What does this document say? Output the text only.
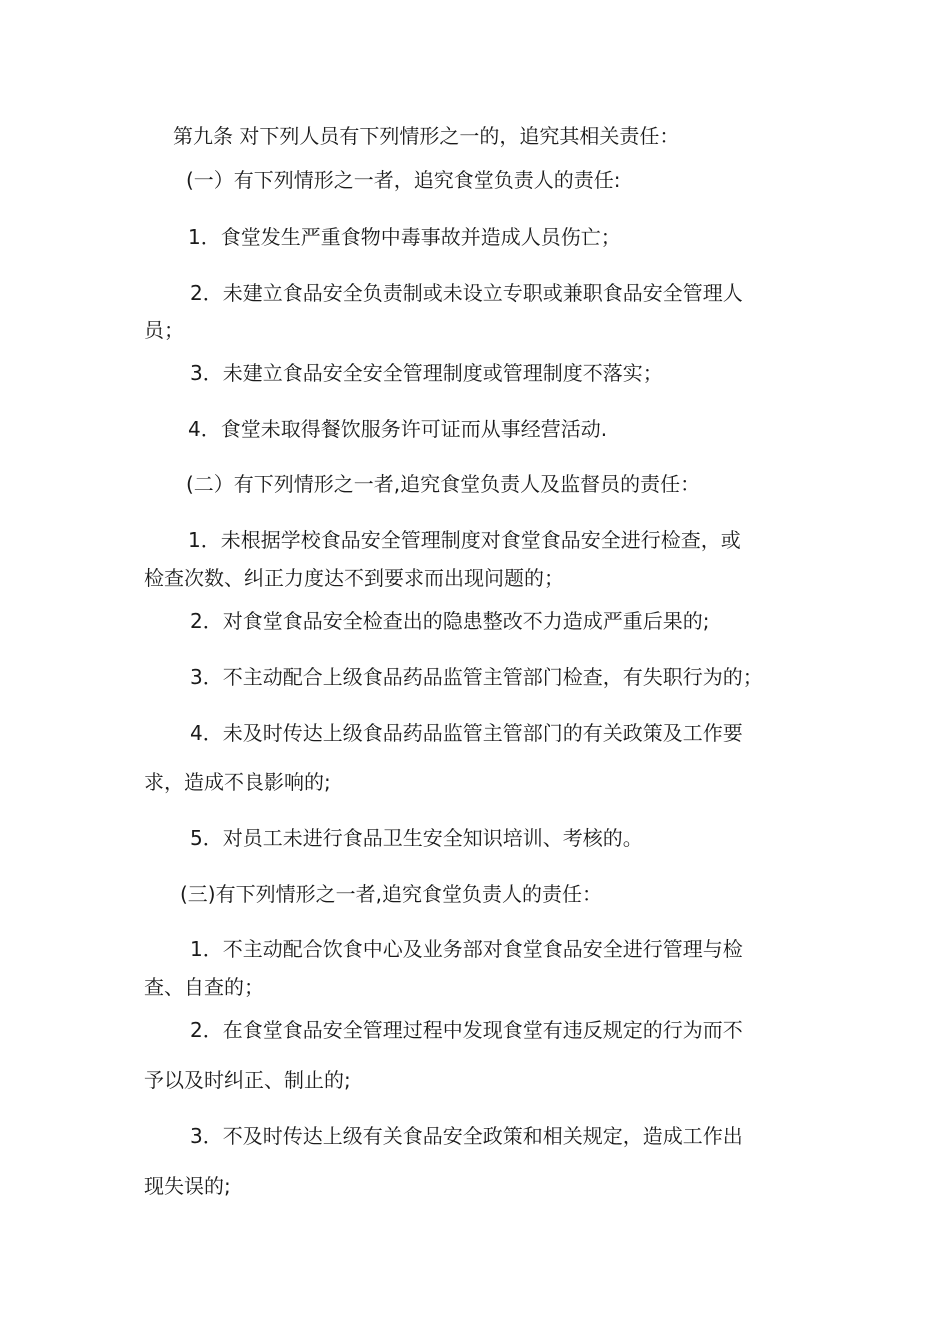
第九条 对下列人员有下列情形之一的，追究其相关责任：
(一）有下列情形之一者，追究食堂负责人的责任:
1．食堂发生严重食物中毒事故并造成人员伤亡；
2．未建立食品安全负责制或未设立专职或兼职食品安全管理人
员；
3．未建立食品安全安全管理制度或管理制度不落实；
4．食堂未取得餐饮服务许可证而从事经营活动.
(二）有下列情形之一者,追究食堂负责人及监督员的责任：
1．未根据学校食品安全管理制度对食堂食品安全进行检查，或
检查次数、纠正力度达不到要求而出现问题的；
2．对食堂食品安全检查出的隐患整改不力造成严重后果的;
3．不主动配合上级食品药品监管主管部门检查，有失职行为的；
4．未及时传达上级食品药品监管主管部门的有关政策及工作要
求，造成不良影响的;
5．对员工未进行食品卫生安全知识培训、考核的。
(三)有下列情形之一者,追究食堂负责人的责任：
1．不主动配合饮食中心及业务部对食堂食品安全进行管理与检
查、自查的；
2．在食堂食品安全管理过程中发现食堂有违反规定的行为而不
予以及时纠正、制止的;
3．不及时传达上级有关食品安全政策和相关规定，造成工作出
现失误的;
